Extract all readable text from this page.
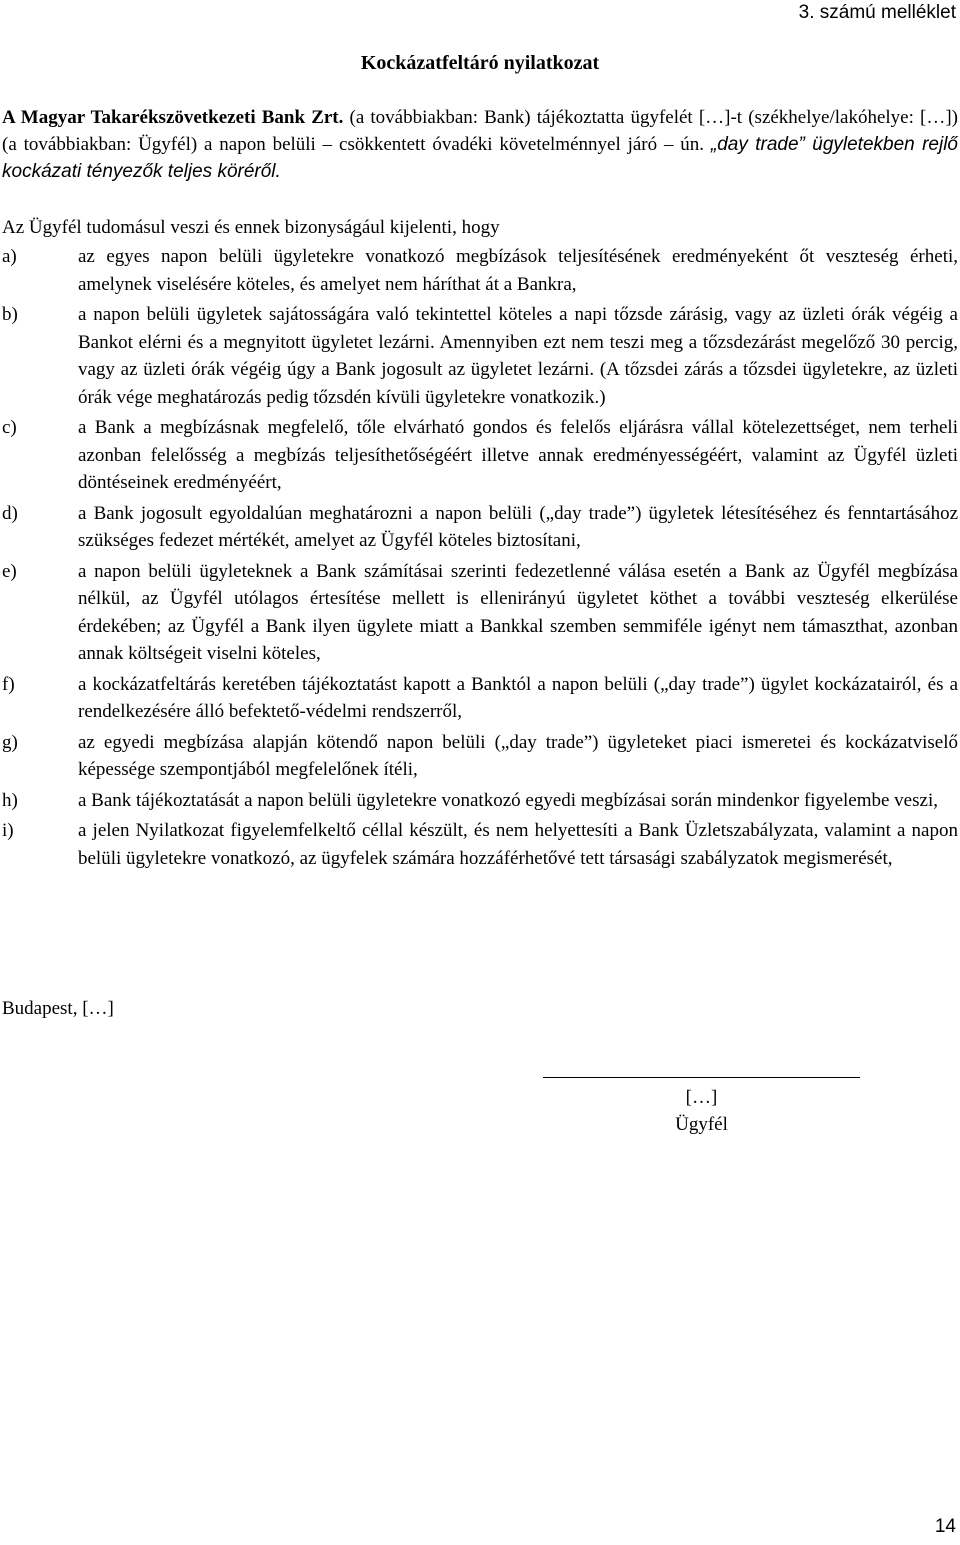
3. számú melléklet
Kockázatfeltáró nyilatkozat
A Magyar Takarékszövetkezeti Bank Zrt. (a továbbiakban: Bank) tájékoztatta ügyfelét […]-t (székhelye/lakóhelye: […]) (a továbbiakban: Ügyfél) a napon belüli – csökkentett óvadéki követelménnyel járó – ún. „day trade” ügyletekben rejlő kockázati tényezők teljes köréről.
Az Ügyfél tudomásul veszi és ennek bizonyságául kijelenti, hogy
a)	az egyes napon belüli ügyletekre vonatkozó megbízások teljesítésének eredményeként őt veszteség érheti, amelynek viselésére köteles, és amelyet nem háríthat át a Bankra,
b)	a napon belüli ügyletek sajátosságára való tekintettel köteles a napi tőzsde zárásig, vagy az üzleti órák végéig a Bankot elérni és a megnyitott ügyletet lezárni. Amennyiben ezt nem teszi meg a tőzsdezárást megelőző 30 percig, vagy az üzleti órák végéig úgy a Bank jogosult az ügyletet lezárni. (A tőzsdei zárás a tőzsdei ügyletekre, az üzleti órák vége meghatározás pedig tőzsdén kívüli ügyletekre vonatkozik.)
c)	a Bank a megbízásnak megfelelő, tőle elvárható gondos és felelős eljárásra vállal kötelezettséget, nem terheli azonban felelősség a megbízás teljesíthetőségéért illetve annak eredményességéért, valamint az Ügyfél üzleti döntéseinek eredményéért,
d)	a Bank jogosult egyoldalúan meghatározni a napon belüli („day trade”) ügyletek létesítéséhez és fenntartásához szükséges fedezet mértékét, amelyet az Ügyfél köteles biztosítani,
e)	a napon belüli ügyleteknek a Bank számításai szerinti fedezetlenné válása esetén a Bank az Ügyfél megbízása nélkül, az Ügyfél utólagos értesítése mellett is ellenirányú ügyletet köthet a további veszteség elkerülése érdekében; az Ügyfél a Bank ilyen ügylete miatt a Bankkal szemben semmiféle igényt nem támaszthat, azonban annak költségeit viselni köteles,
f)	a kockázatfeltárás keretében tájékoztatást kapott a Banktól a napon belüli („day trade”) ügylet kockázatairól, és a rendelkezésére álló befektető-védelmi rendszerről,
g)	az egyedi megbízása alapján kötendő napon belüli („day trade”) ügyleteket piaci ismeretei és kockázatviselő képessége szempontjából megfelelőnek ítéli,
h)	a Bank tájékoztatását a napon belüli ügyletekre vonatkozó egyedi megbízásai során mindenkor figyelembe veszi,
i)	a jelen Nyilatkozat figyelemfelkeltő céllal készült, és nem helyettesíti a Bank Üzletszabályzata, valamint a napon belüli ügyletekre vonatkozó, az ügyfelek számára hozzáférhetővé tett társasági szabályzatok megismerését,
Budapest, […]
[…]
Ügyfél
14
